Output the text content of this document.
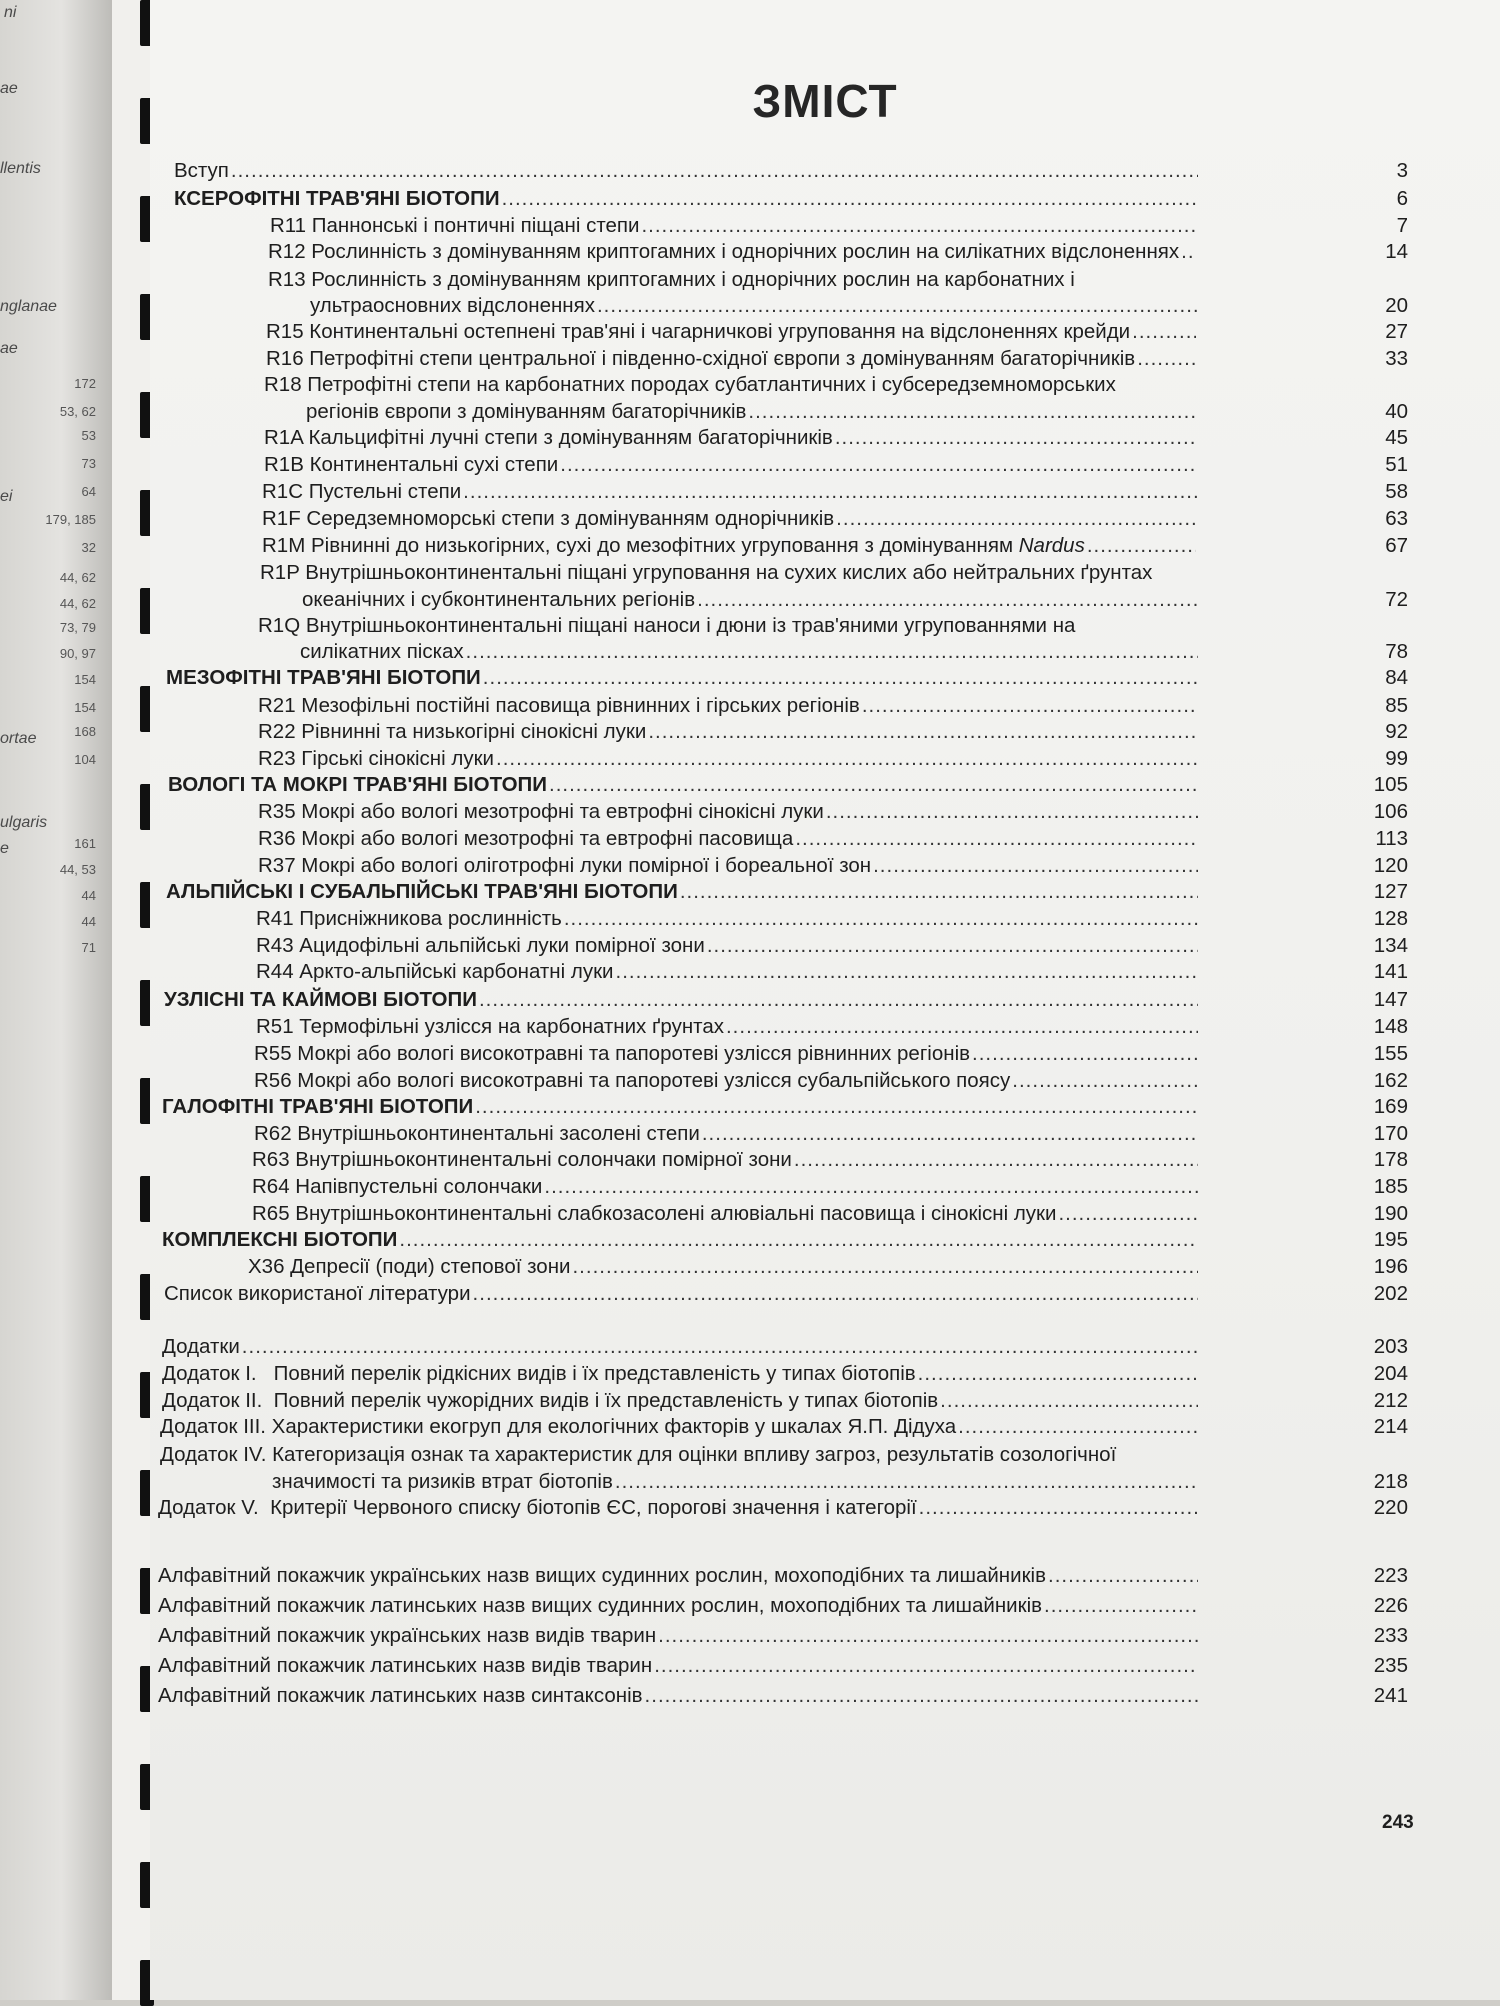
ni
ae
llentis
nglanae
ae
ei
ortae
ulgaris
e
172
53, 62
53
73
64
179, 185
32
44, 62
44, 62
73, 79
90, 97
154
154
168
104
161
44, 53
44
44
71
ЗМІСТ
Вступ .....	3
КСЕРОФІТНІ ТРАВ'ЯНІ БІОТОПИ .....	6
R11 Паннонські і понтичні піщані степи .....	7
R12 Рослинність з домінуванням криптогамних і однорічних рослин на силікатних відслоненнях .....	14
R13 Рослинність з домінуванням криптогамних і однорічних рослин на карбонатних і
ультраосновних відслоненнях .....	20
R15 Континентальні остепнені трав'яні і чагарничкові угруповання на відслоненнях крейди .....	27
R16 Петрофітні степи центральної і південно-східної європи з домінуванням багаторічників .....	33
R18 Петрофітні степи на карбонатних породах субатлантичних і субсередземноморських
регіонів європи з домінуванням багаторічників .....	40
R1A Кальцифітні лучні степи з домінуванням багаторічників .....	45
R1B Континентальні сухі степи .....	51
R1C Пустельні степи .....	58
R1F Середземноморські степи з домінуванням однорічників .....	63
R1M Рівнинні до низькогірних, сухі до мезофітних угруповання з домінуванням
Nardus .....	67
R1P Внутрішньоконтинентальні піщані угруповання на сухих кислих або нейтральних ґрунтах
океанічних і субконтинентальних регіонів .....	72
R1Q Внутрішньоконтинентальні піщані наноси і дюни із трав'яними угрупованнями на
силікатних пісках .....	78
МЕЗОФІТНІ ТРАВ'ЯНІ БІОТОПИ .....	84
R21 Мезофільні постійні пасовища рівнинних і гірських регіонів .....	85
R22 Рівнинні та низькогірні сінокісні луки .....	92
R23 Гірські сінокісні луки .....	99
ВОЛОГІ ТА МОКРІ ТРАВ'ЯНІ БІОТОПИ .....	105
R35 Мокрі або вологі мезотрофні та евтрофні сінокісні луки .....	106
R36 Мокрі або вологі мезотрофні та евтрофні пасовища .....	113
R37 Мокрі або вологі оліготрофні луки помірної і бореальної зон .....	120
АЛЬПІЙСЬКІ І СУБАЛЬПІЙСЬКІ ТРАВ'ЯНІ БІОТОПИ .....	127
R41 Присніжникова рослинність .....	128
R43 Ацидофільні альпійські луки помірної зони .....	134
R44 Аркто-альпійські карбонатні луки .....	141
УЗЛІСНІ ТА КАЙМОВІ БІОТОПИ .....	147
R51 Термофільні узлісся на карбонатних ґрунтах .....	148
R55 Мокрі або вологі високотравні та папоротеві узлісся рівнинних регіонів .....	155
R56 Мокрі або вологі високотравні та папоротеві узлісся субальпійського поясу .....	162
ГАЛОФІТНІ ТРАВ'ЯНІ БІОТОПИ .....	169
R62 Внутрішньоконтинентальні засолені степи .....	170
R63 Внутрішньоконтинентальні солончаки помірної зони .....	178
R64 Напівпустельні солончаки .....	185
R65 Внутрішньоконтинентальні слабкозасолені алювіальні пасовища і сінокісні луки .....	190
КОМПЛЕКСНІ БІОТОПИ .....	195
X36 Депресії (поди) степової зони .....	196
Список використаної літератури .....	202
Додатки .....	203
Додаток I.   Повний перелік рідкісних видів і їх представленість у типах біотопів .....	204
Додаток II.  Повний перелік чужорідних видів і їх представленість у типах біотопів .....	212
Додаток III. Характеристики екогруп для екологічних факторів у шкалах Я.П. Дідуха .....	214
Додаток IV. Категоризація ознак та характеристик для оцінки впливу загроз, результатів созологічної
значимості та ризиків втрат біотопів .....	218
Додаток V.  Критерії Червоного списку біотопів ЄС, порогові значення і категорії .....	220
Алфавітний покажчик українських назв вищих судинних рослин, мохоподібних та лишайників .....	223
Алфавітний покажчик латинських назв вищих судинних рослин, мохоподібних та лишайників .....	226
Алфавітний покажчик українських назв видів тварин .....	233
Алфавітний покажчик латинських назв видів тварин .....	235
Алфавітний покажчик латинських назв синтаксонів .....	241
243
